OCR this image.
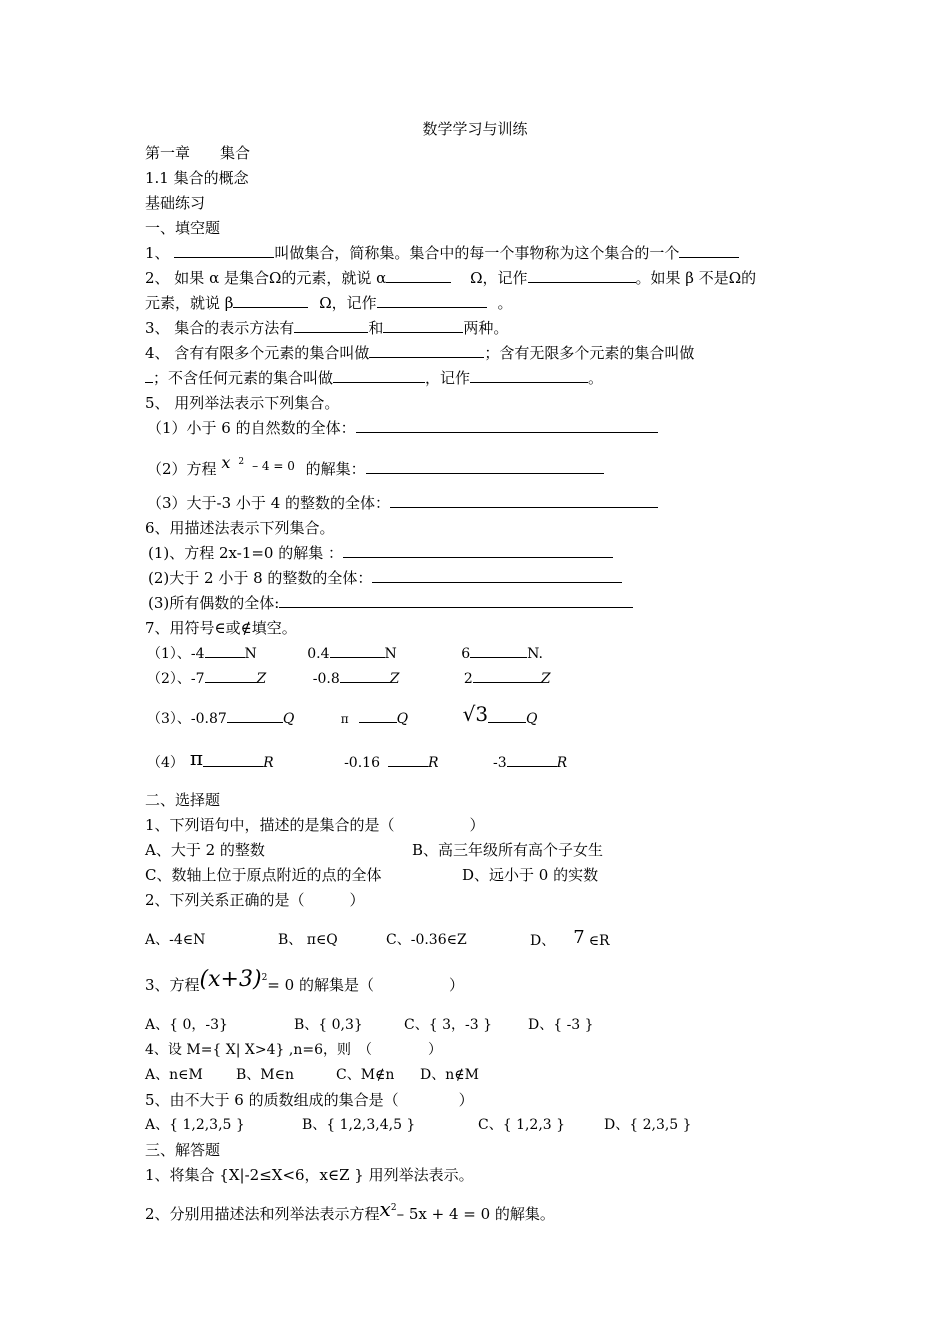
数学学习与训练
第一章　　集合
1.1 集合的概念
基础练习
一、填空题
1、	叫做集合，简称集。集合中的每一个事物称为这个集合的一个
2、 如果 α 是集合Ω的元素，就说 α	Ω，记作	。如果 β 不是Ω的
元素，就说 β	Ω，记作	。
3、 集合的表示方法有	和	两种。
4、 含有有限多个元素的集合叫做	；含有无限多个元素的集合叫做
；不含任何元素的集合叫做	，记作	。
5、 用列举法表示下列集合。
（1）小于 6 的自然数的全体：
（2）方程 x $^2$ $^{- 4 = 0}$ 的解集：
（3）大于-3 小于 4 的整数的全体：
6、用描述法表示下列集合。
(1)、方程 2x-1=0 的解集 ：
(2)大于 2 小于 8 的整数的全体：
(3)所有偶数的全体:
7、用符号∈或∉填空。
（1）、-4	N	0.4	N	6	N.
（2）、-7	Z	-0.8	Z	2	Z
（3）、-0.87	Q	π	Q	√3	Q
（4） π	R	-0.16	R	-3	R
二、选择题
1、下列语句中，描述的是集合的是（　　　　　）
A、大于 2 的整数	B、高三年级所有高个子女生
C、数轴上位于原点附近的点的全体	D、远小于 0 的实数
2、下列关系正确的是（　　　）
A、-4∈N	B、 π∈Q	C、-0.36∈Z	D、 7 ∈R
3、方程$(x+3)^2= 0$ 的解集是（　　　　　）
A、{ 0，-3}	B、{ 0,3}	C、{ 3，-3 }	D、{ -3 }
4、设 M={ X| X>4} ,n=6，则　（　　　　）
A、n∈M B、M∈n	C、M∉n D、n∉M
5、由不大于 6 的质数组成的集合是（　　　　）
A、{ 1,2,3,5 }	B、{ 1,2,3,4,5 }	C、{ 1,2,3 }	D、{ 2,3,5 }
三、解答题
1、将集合 {X|-2≤X<6，x∈Z } 用列举法表示。
2、分别用描述法和列举法表示方程$x^2-$ 5x + 4 = 0 的解集。
